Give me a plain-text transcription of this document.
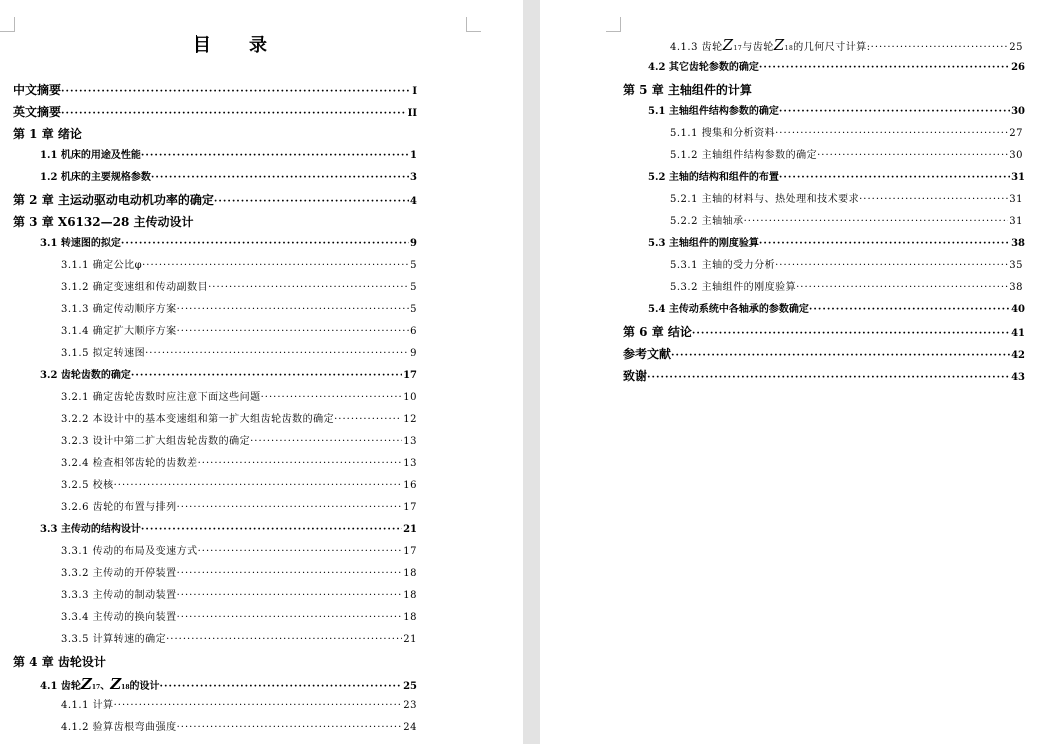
目录
中文摘要 ·····	I
英文摘要 ·····	II
第 1 章 绪论
1.1 机床的用途及性能 ·····	1
1.2 机床的主要规格参数 ·····	3
第 2 章 主运动驱动电动机功率的确定 ·····	4
第 3 章 X6132—28 主传动设计
3.1 转速图的拟定 ·····	9
3.1.1 确定公比φ ·····	5
3.1.2 确定变速组和传动副数目 ·····	5
3.1.3 确定传动顺序方案 ·····	5
3.1.4 确定扩大顺序方案 ·····	6
3.1.5 拟定转速图 ·····	9
3.2 齿轮齿数的确定 ·····	17
3.2.1 确定齿轮齿数时应注意下面这些问题 ·····	10
3.2.2 本设计中的基本变速组和第一扩大组齿轮齿数的确定 ·····	12
3.2.3 设计中第二扩大组齿轮齿数的确定 ·····	13
3.2.4 检查相邻齿轮的齿数差 ·····	13
3.2.5 校核 ·····	16
3.2.6 齿轮的布置与排列 ·····	17
3.3 主传动的结构设计 ·····	21
3.3.1 传动的布局及变速方式 ·····	17
3.3.2 主传动的开停装置 ·····	18
3.3.3 主传动的制动装置 ·····	18
3.3.4 主传动的换向装置 ·····	18
3.3.5 计算转速的确定 ·····	21
第 4 章 齿轮设计
4.1 齿轮Z17、Z18的设计 ·····	25
4.1.1 计算 ·····	23
4.1.2 验算齿根弯曲强度 ·····	24
4.1.3 齿轮Z17与齿轮Z18的几何尺寸计算: ·····	25
4.2 其它齿轮参数的确定 ·····	26
第 5 章 主轴组件的计算
5.1 主轴组件结构参数的确定 ·····	30
5.1.1 搜集和分析资料 ·····	27
5.1.2 主轴组件结构参数的确定 ·····	30
5.2 主轴的结构和组件的布置 ·····	31
5.2.1 主轴的材料与、热处理和技术要求 ·····	31
5.2.2 主轴轴承 ·····	31
5.3 主轴组件的刚度验算 ·····	38
5.3.1 主轴的受力分析 ·····	35
5.3.2 主轴组件的刚度验算 ·····	38
5.4 主传动系统中各轴承的参数确定 ·····	40
第 6 章 结论 ·····	41
参考文献 ·····	42
致谢 ·····	43
